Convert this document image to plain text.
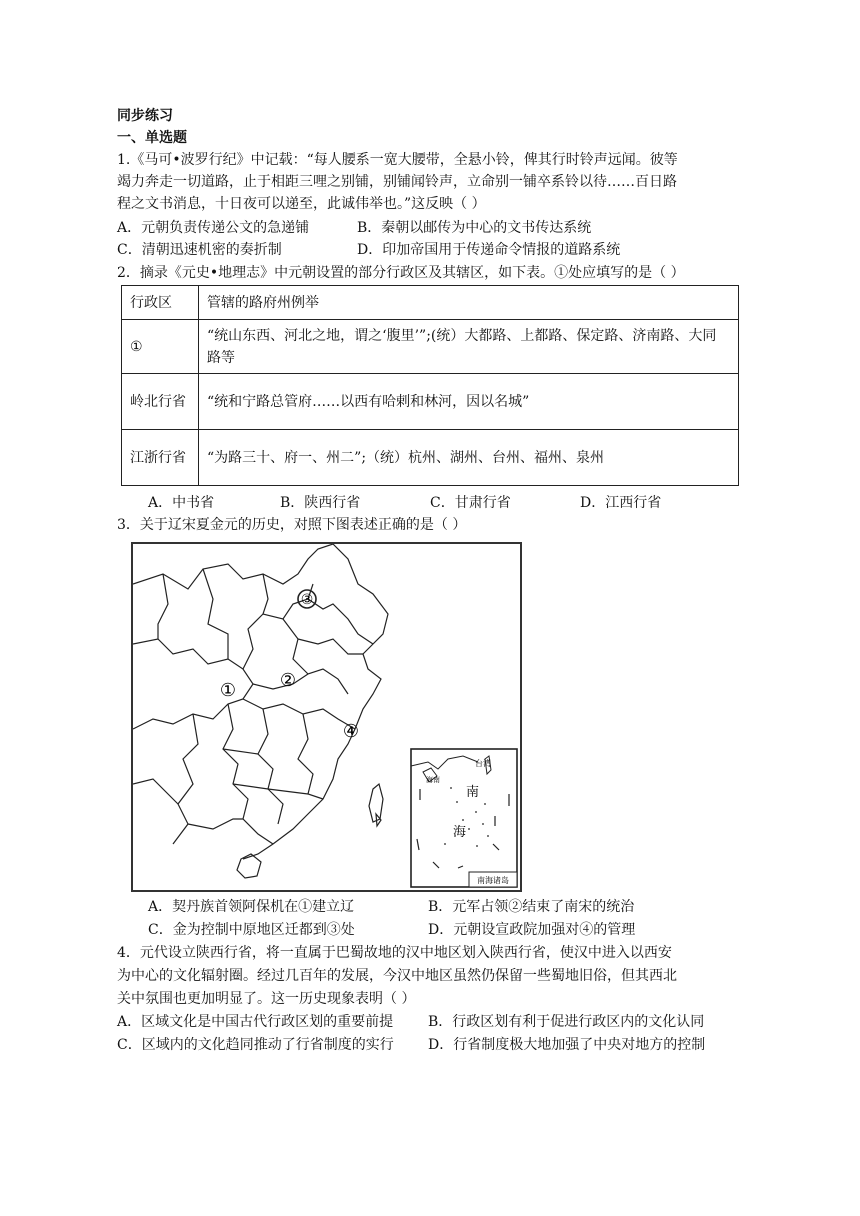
同步练习
一、单选题
1.《马可•波罗行纪》中记载：“每人腰系一宽大腰带，全悬小铃，俾其行时铃声远闻。彼等
竭力奔走一切道路，止于相距三哩之别铺，别铺闻铃声，立命别一铺卒系铃以待……百日路
程之文书消息，十日夜可以递至，此诚伟举也。”这反映（ ）
A．元朝负责传递公文的急递铺	B．秦朝以邮传为中心的文书传达系统
C．清朝迅速机密的奏折制	D．印加帝国用于传递命令情报的道路系统
2．摘录《元史•地理志》中元朝设置的部分行政区及其辖区，如下表。①处应填写的是（ ）
行政区	管辖的路府州例举
①	“统山东西、河北之地，谓之‘腹里’”;(统）大都路、上都路、保定路、济南路、大同路等
岭北行省	“统和宁路总管府……以西有哈剌和林河，因以名城”
江浙行省	“为路三十、府一、州二”;（统）杭州、湖州、台州、福州、泉州
A．中书省	B．陕西行省	C．甘肃行省	D．江西行省
3．关于辽宋夏金元的历史，对照下图表述正确的是（ ）
③
① ②
④
台湾
海南
南
海
南海诸岛
A．契丹族首领阿保机在①建立辽	B．元军占领②结束了南宋的统治
C．金为控制中原地区迁都到③处	D．元朝设宣政院加强对④的管理
4．元代设立陕西行省，将一直属于巴蜀故地的汉中地区划入陕西行省，使汉中进入以西安
为中心的文化辐射圈。经过几百年的发展，今汉中地区虽然仍保留一些蜀地旧俗，但其西北
关中氛围也更加明显了。这一历史现象表明（ ）
A．区域文化是中国古代行政区划的重要前提 B．行政区划有利于促进行政区内的文化认同
C．区域内的文化趋同推动了行省制度的实行 D．行省制度极大地加强了中央对地方的控制
